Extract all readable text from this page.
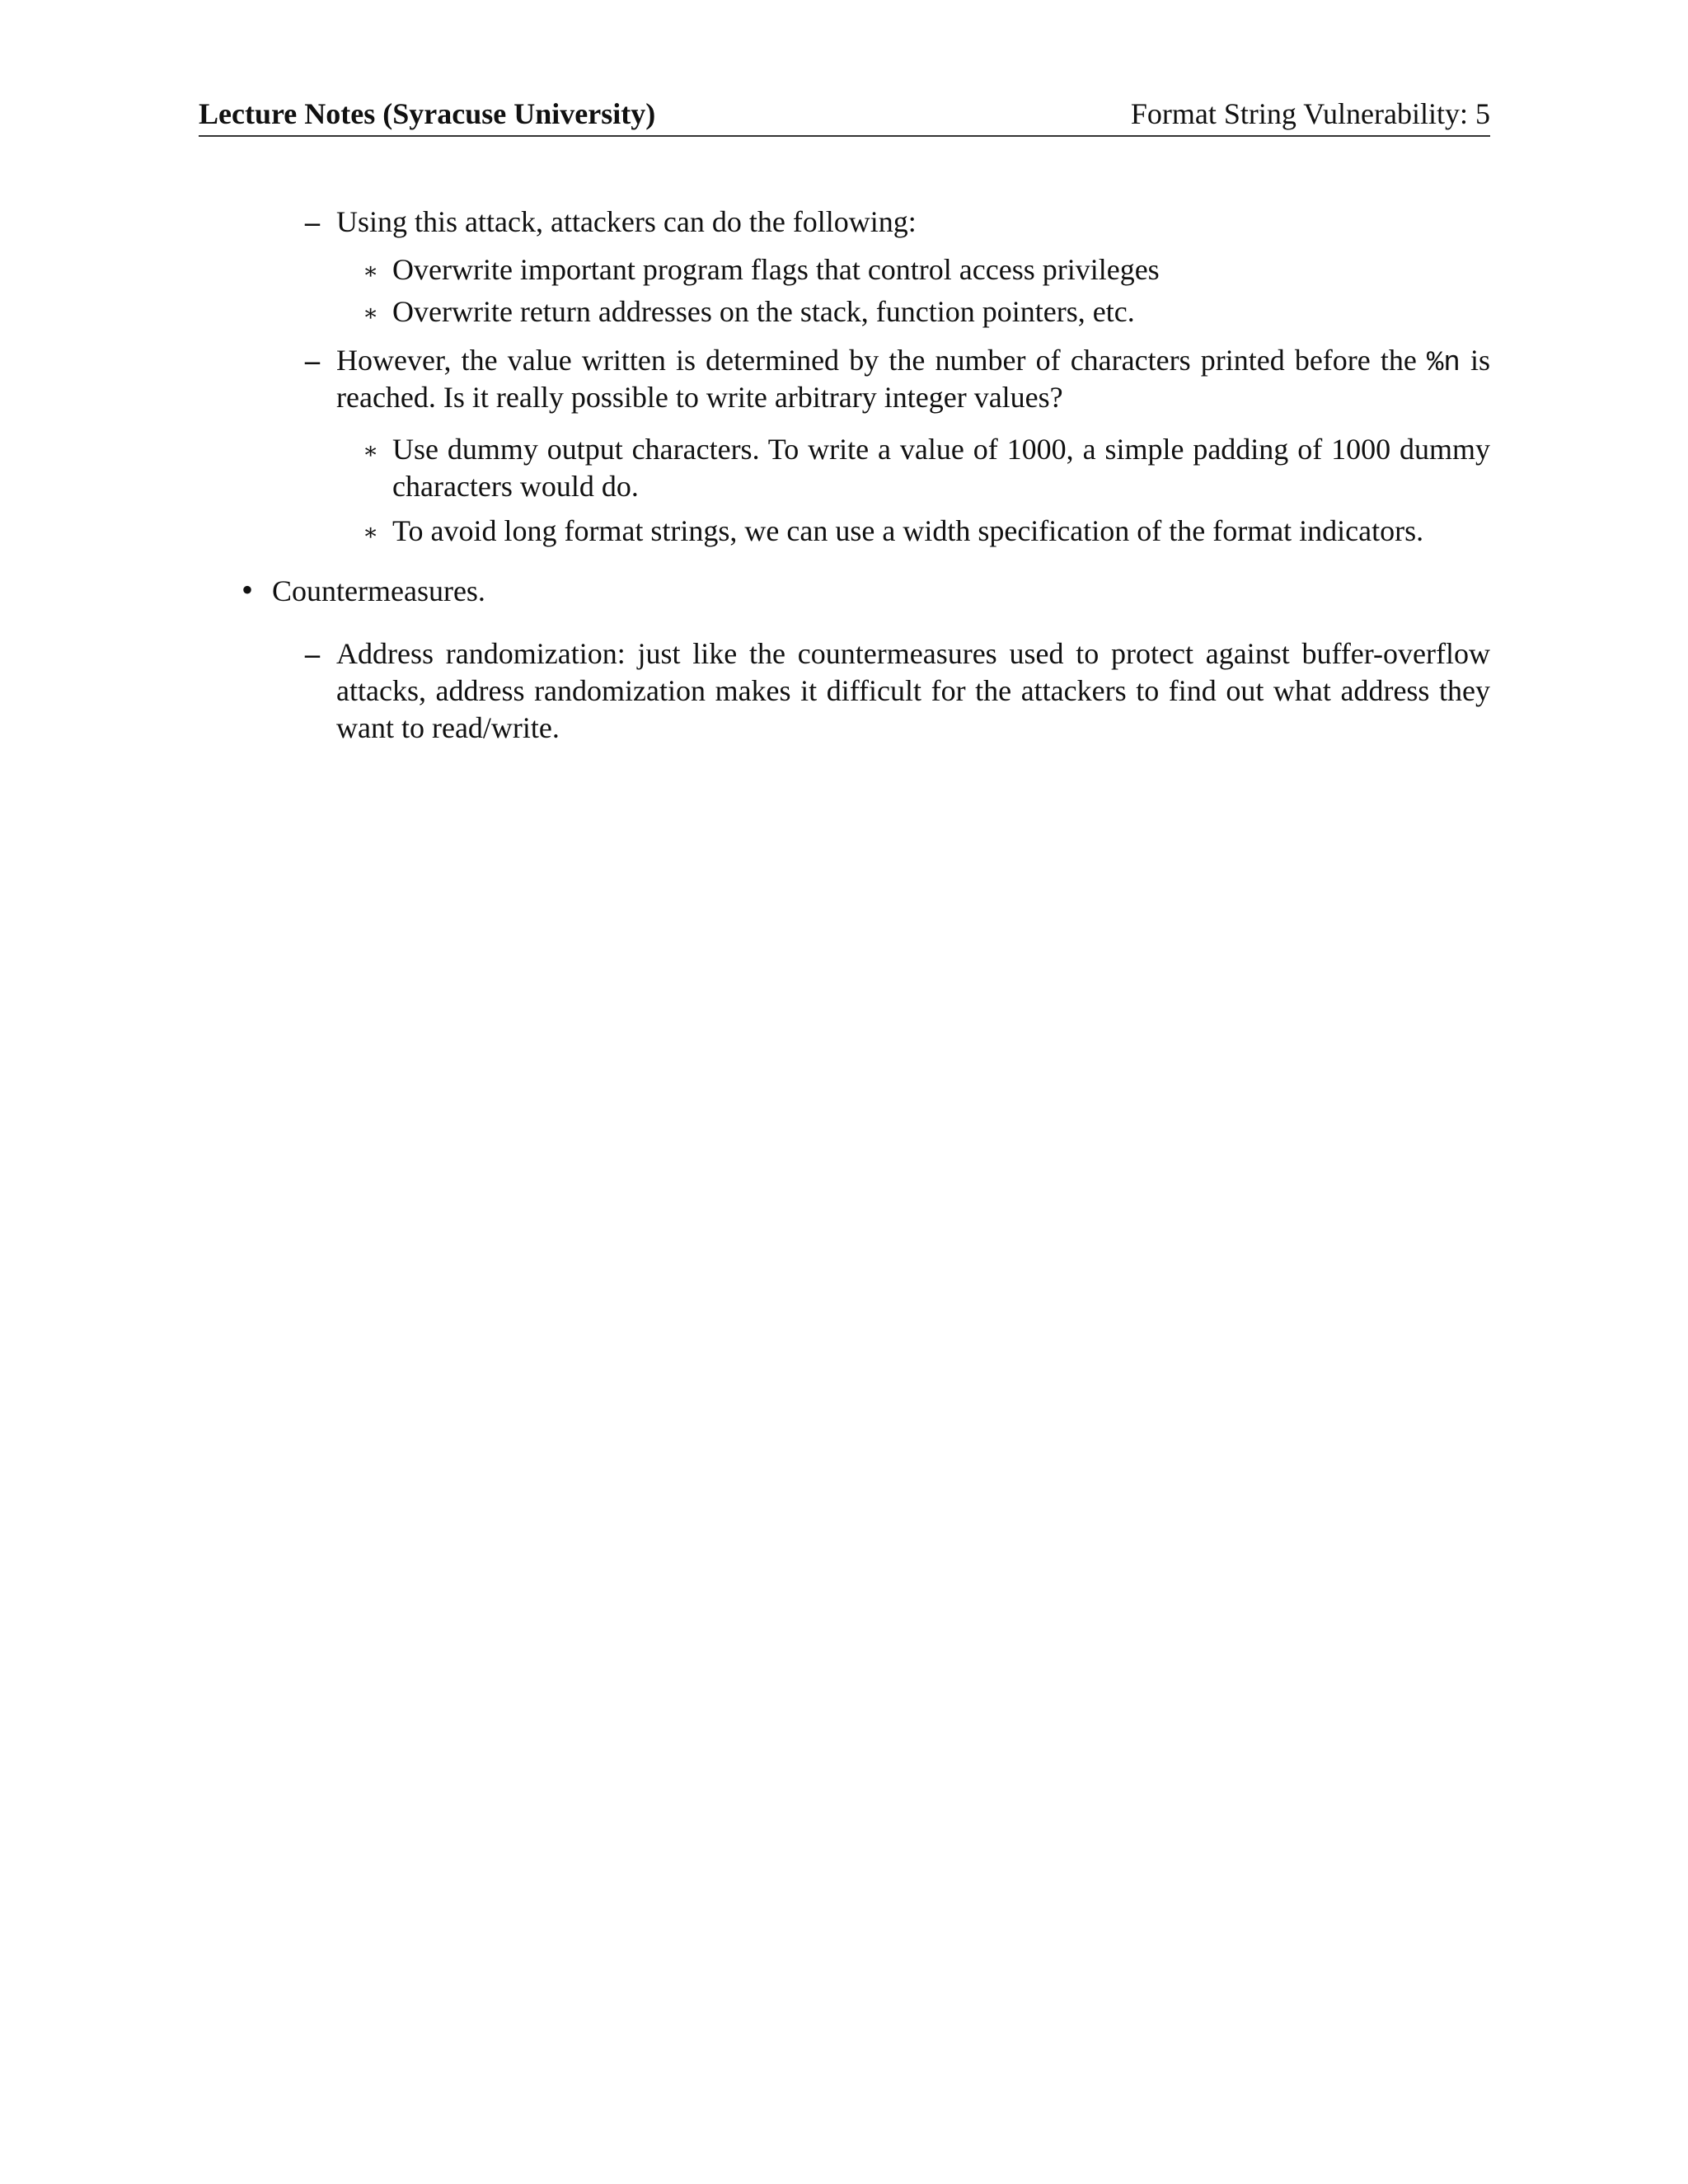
Lecture Notes (Syracuse University)	Format String Vulnerability: 5
– Using this attack, attackers can do the following:
∗ Overwrite important program flags that control access privileges
∗ Overwrite return addresses on the stack, function pointers, etc.
– However, the value written is determined by the number of characters printed before the %n is
reached. Is it really possible to write arbitrary integer values?
∗ Use dummy output characters. To write a value of 1000, a simple padding of 1000 dummy
characters would do.
∗ To avoid long format strings, we can use a width specification of the format indicators.
• Countermeasures.
– Address randomization: just like the countermeasures used to protect against buffer-overflow
attacks, address randomization makes it difficult for the attackers to find out what address they
want to read/write.
